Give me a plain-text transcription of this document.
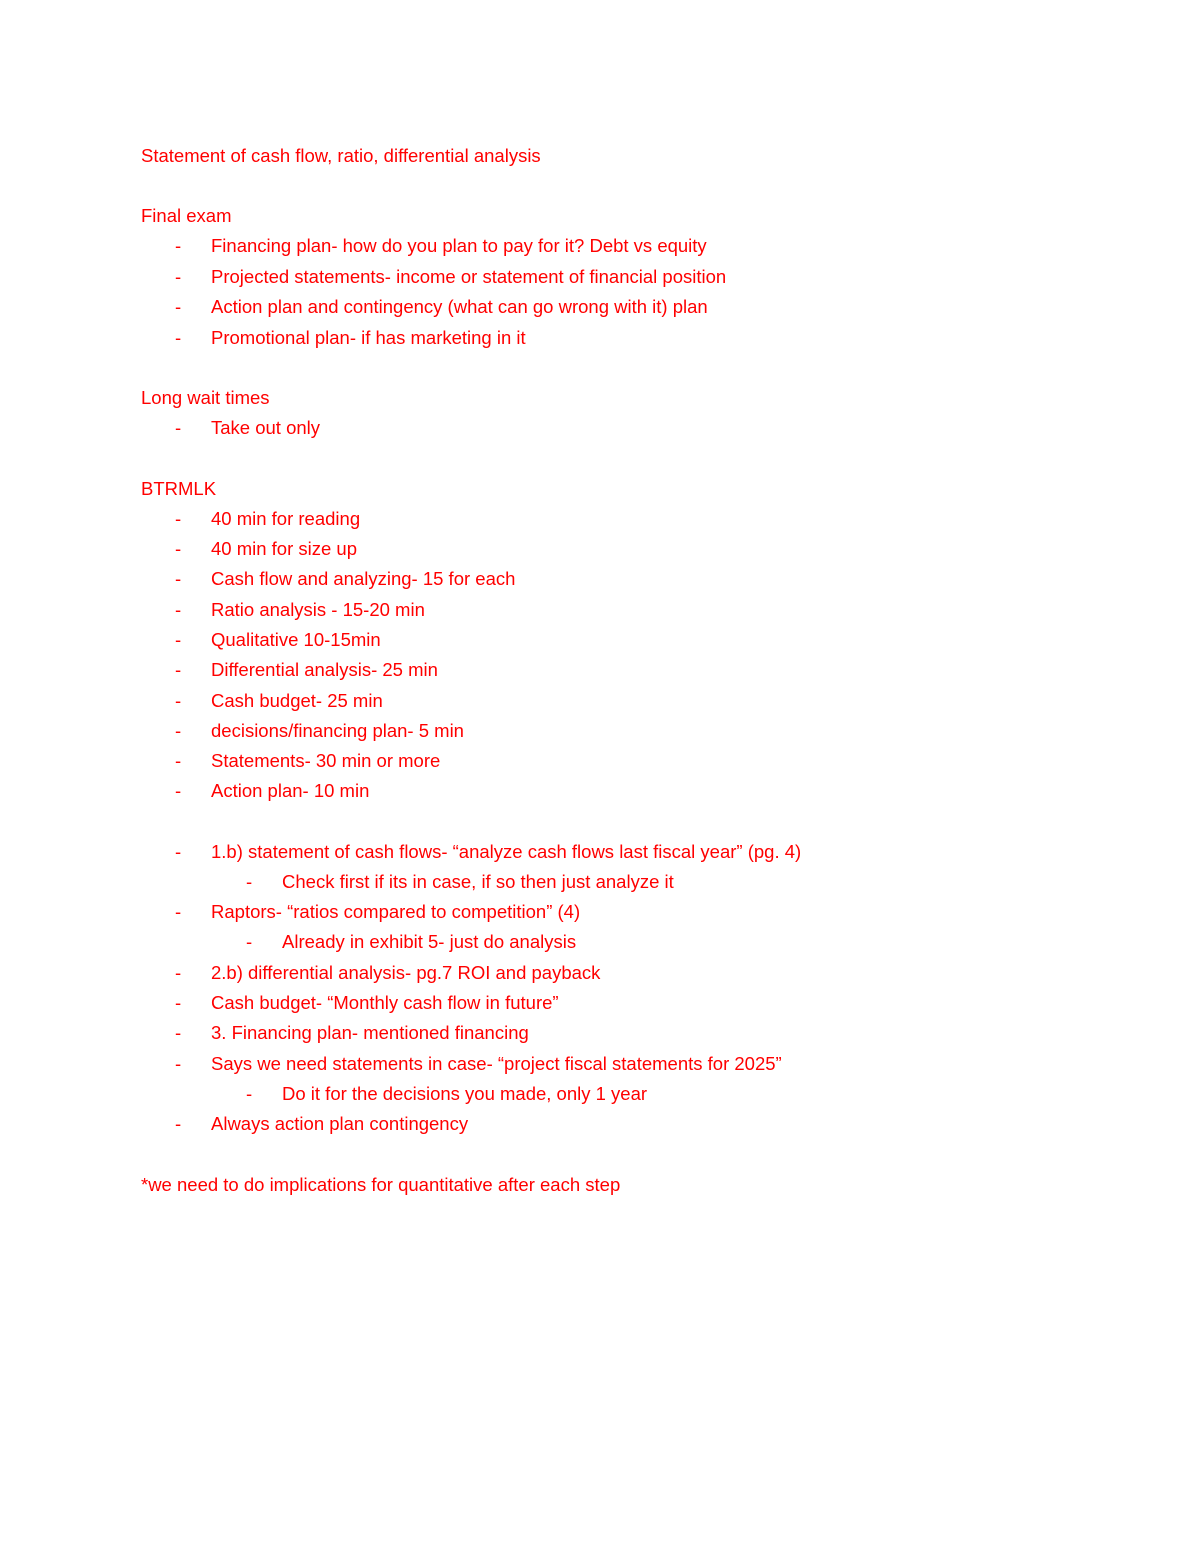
Statement of cash flow, ratio, differential analysis
Final exam
- Financing plan- how do you plan to pay for it? Debt vs equity
- Projected statements- income or statement of financial position
- Action plan and contingency (what can go wrong with it) plan
- Promotional plan- if has marketing in it
Long wait times
- Take out only
BTRMLK
- 40 min for reading
- 40 min for size up
- Cash flow and analyzing- 15 for each
- Ratio analysis - 15-20 min
- Qualitative 10-15min
- Differential analysis- 25 min
- Cash budget- 25 min
- decisions/financing plan- 5 min
- Statements- 30 min or more
- Action plan- 10 min
- 1.b) statement of cash flows- “analyze cash flows last fiscal year” (pg. 4)
- Check first if its in case, if so then just analyze it
- Raptors- “ratios compared to competition” (4)
- Already in exhibit 5- just do analysis
- 2.b) differential analysis- pg.7 ROI and payback
- Cash budget- “Monthly cash flow in future”
- 3. Financing plan- mentioned financing
- Says we need statements in case- “project fiscal statements for 2025”
- Do it for the decisions you made, only 1 year
- Always action plan contingency
*we need to do implications for quantitative after each step
